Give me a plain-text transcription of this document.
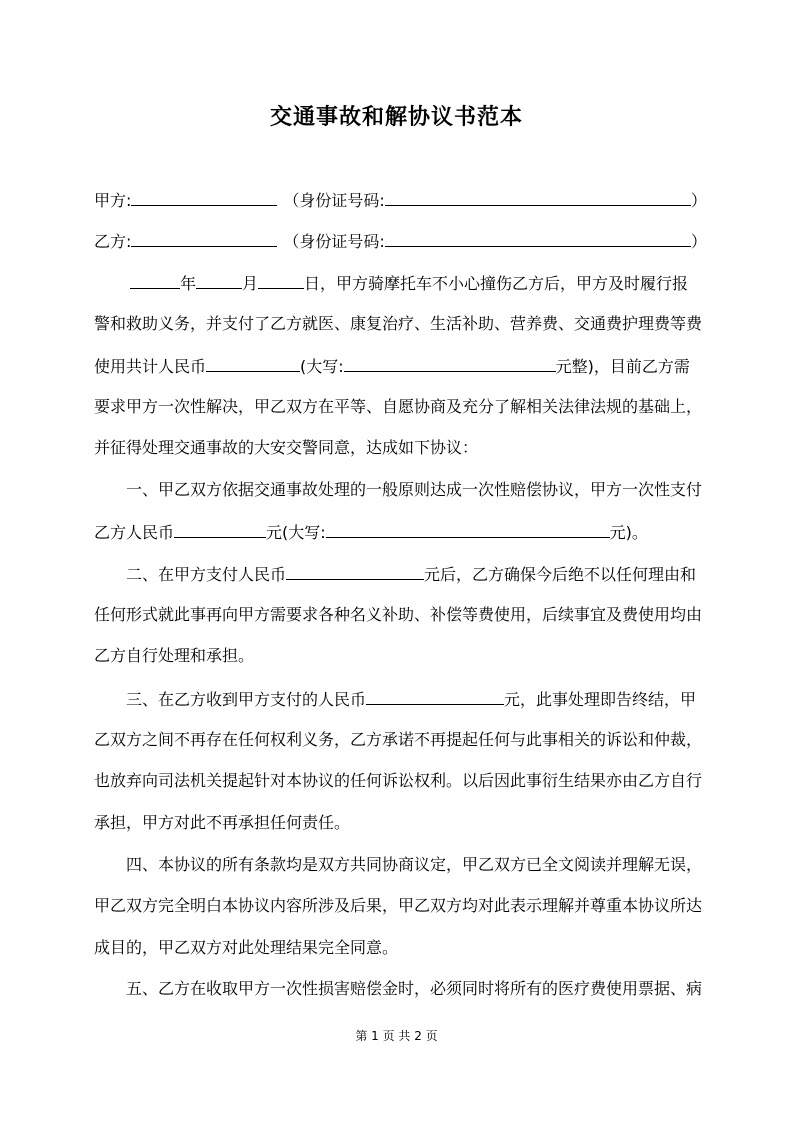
交通事故和解协议书范本
甲方:	（身份证号码:	）
乙方:	（身份证号码:	）
年	月	日，甲方骑摩托车不小心撞伤乙方后，甲方及时履行报
警和救助义务，并支付了乙方就医、康复治疗、生活补助、营养费、交通费护理费等费
使用共计人民币	(大写:	元整)，目前乙方需
要求甲方一次性解决，甲乙双方在平等、自愿协商及充分了解相关法律法规的基础上，
并征得处理交通事故的大安交警同意，达成如下协议：
一、甲乙双方依据交通事故处理的一般原则达成一次性赔偿协议，甲方一次性支付
乙方人民币	元(大写:	元)。
二、在甲方支付人民币	元后，乙方确保今后绝不以任何理由和
任何形式就此事再向甲方需要求各种名义补助、补偿等费使用，后续事宜及费使用均由
乙方自行处理和承担。
三、在乙方收到甲方支付的人民币	元，此事处理即告终结，甲
乙双方之间不再存在任何权利义务，乙方承诺不再提起任何与此事相关的诉讼和仲裁，
也放弃向司法机关提起针对本协议的任何诉讼权利。以后因此事衍生结果亦由乙方自行
承担，甲方对此不再承担任何责任。
四、本协议的所有条款均是双方共同协商议定，甲乙双方已全文阅读并理解无误，
甲乙双方完全明白本协议内容所涉及后果，甲乙双方均对此表示理解并尊重本协议所达
成目的，甲乙双方对此处理结果完全同意。
五、乙方在收取甲方一次性损害赔偿金时，必须同时将所有的医疗费使用票据、病
第 1 页 共 2 页
